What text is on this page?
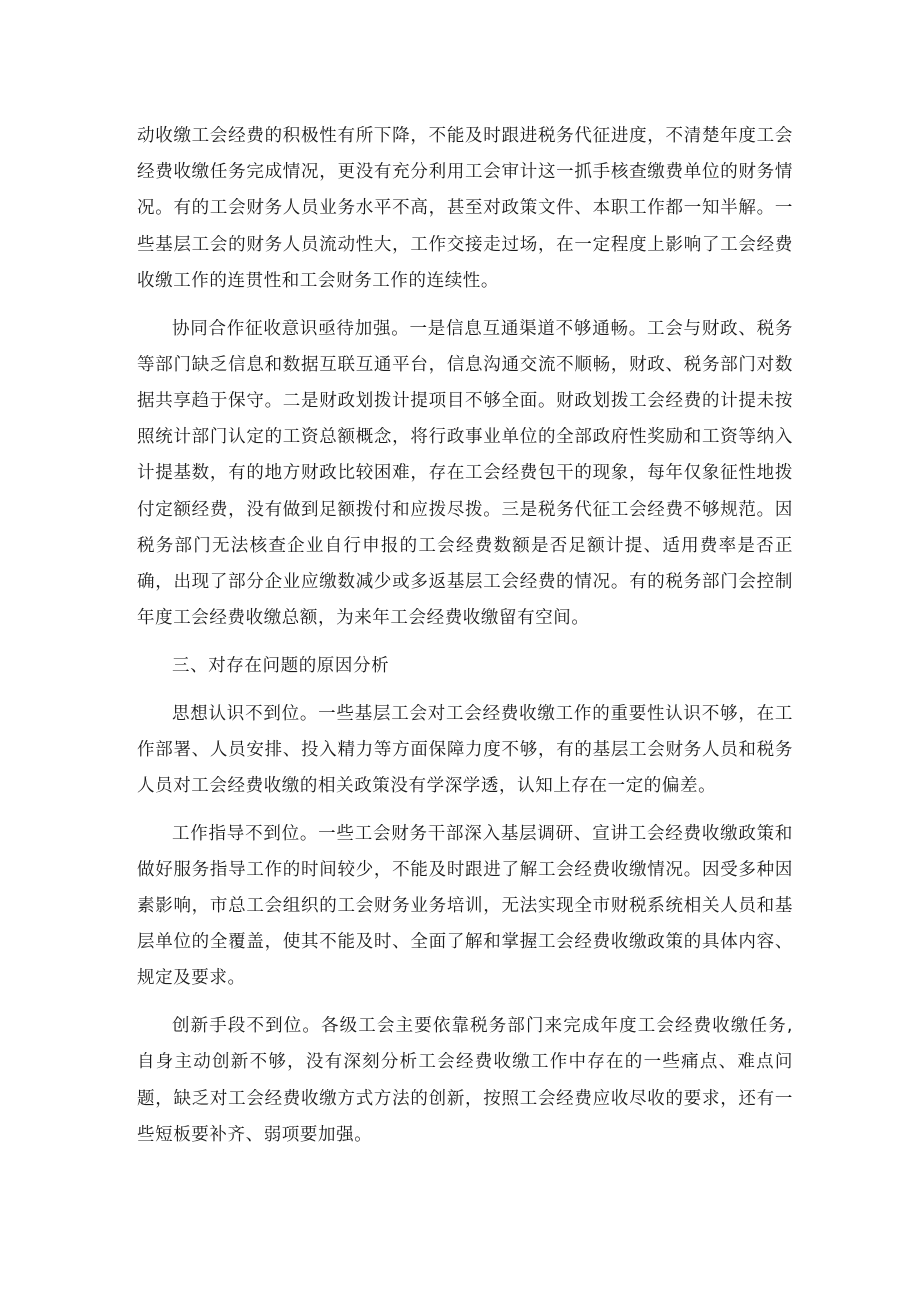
动收缴工会经费的积极性有所下降，不能及时跟进税务代征进度，不清楚年度工会经费收缴任务完成情况，更没有充分利用工会审计这一抓手核查缴费单位的财务情况。有的工会财务人员业务水平不高，甚至对政策文件、本职工作都一知半解。一些基层工会的财务人员流动性大，工作交接走过场，在一定程度上影响了工会经费收缴工作的连贯性和工会财务工作的连续性。

协同合作征收意识亟待加强。一是信息互通渠道不够通畅。工会与财政、税务等部门缺乏信息和数据互联互通平台，信息沟通交流不顺畅，财政、税务部门对数据共享趋于保守。二是财政划拨计提项目不够全面。财政划拨工会经费的计提未按照统计部门认定的工资总额概念，将行政事业单位的全部政府性奖励和工资等纳入计提基数，有的地方财政比较困难，存在工会经费包干的现象，每年仅象征性地拨付定额经费，没有做到足额拨付和应拨尽拨。三是税务代征工会经费不够规范。因税务部门无法核查企业自行申报的工会经费数额是否足额计提、适用费率是否正确，出现了部分企业应缴数减少或多返基层工会经费的情况。有的税务部门会控制年度工会经费收缴总额，为来年工会经费收缴留有空间。

三、对存在问题的原因分析

思想认识不到位。一些基层工会对工会经费收缴工作的重要性认识不够，在工作部署、人员安排、投入精力等方面保障力度不够，有的基层工会财务人员和税务人员对工会经费收缴的相关政策没有学深学透，认知上存在一定的偏差。

工作指导不到位。一些工会财务干部深入基层调研、宣讲工会经费收缴政策和做好服务指导工作的时间较少，不能及时跟进了解工会经费收缴情况。因受多种因素影响，市总工会组织的工会财务业务培训，无法实现全市财税系统相关人员和基层单位的全覆盖，使其不能及时、全面了解和掌握工会经费收缴政策的具体内容、规定及要求。

创新手段不到位。各级工会主要依靠税务部门来完成年度工会经费收缴任务,自身主动创新不够，没有深刻分析工会经费收缴工作中存在的一些痛点、难点问题，缺乏对工会经费收缴方式方法的创新，按照工会经费应收尽收的要求，还有一些短板要补齐、弱项要加强。
